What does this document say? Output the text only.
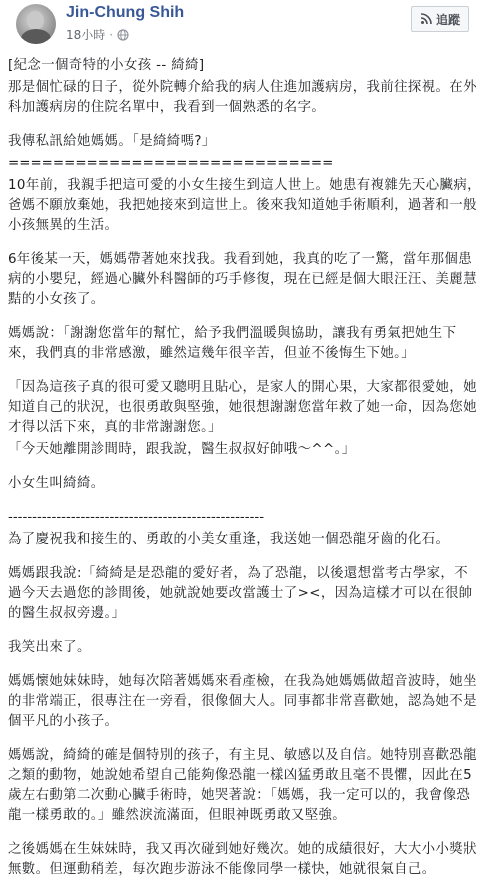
Jin-Chung Shih
18小時 ·
追蹤

[紀念一個奇特的小女孩 -- 綺綺]

那是個忙碌的日子，從外院轉介給我的病人住進加護病房，我前往探視。在外科加護病房的住院名單中，我看到一個熟悉的名字。

我傳私訊給她媽媽。「是綺綺嗎?」

=============================

10年前，我親手把這可愛的小女生接生到這人世上。她患有複雜先天心臟病，爸媽不願放棄她，我把她接來到這世上。後來我知道她手術順利，過著和一般小孩無異的生活。

6年後某一天，媽媽帶著她來找我。我看到她，我真的吃了一驚，當年那個患病的小嬰兒，經過心臟外科醫師的巧手修復，現在已經是個大眼汪汪、美麗慧黠的小女孩了。

媽媽說：「謝謝您當年的幫忙，給予我們溫暖與協助，讓我有勇氣把她生下來，我們真的非常感激，雖然這幾年很辛苦，但並不後悔生下她。」

「因為這孩子真的很可愛又聰明且貼心，是家人的開心果，大家都很愛她，她知道自己的狀況，也很勇敢與堅強，她很想謝謝您當年救了她一命，因為您她才得以活下來，真的非常謝謝您。」

「今天她離開診間時，跟我說，醫生叔叔好帥哦～^^。」

小女生叫綺綺。

-----------------------------------------------------

為了慶祝我和接生的、勇敢的小美女重逢，我送她一個恐龍牙齒的化石。

媽媽跟我說:「綺綺是是恐龍的愛好者，為了恐龍，以後還想當考古學家，不過今天去過您的診間後，她就說她要改當護士了><，因為這樣才可以在很帥的醫生叔叔旁邊。」

我笑出來了。

媽媽懷她妹妹時，她每次陪著媽媽來看產檢，在我為她媽媽做超音波時，她坐的非常端正，很專注在一旁看，很像個大人。同事都非常喜歡她，認為她不是個平凡的小孩子。

媽媽說，綺綺的確是個特別的孩子，有主見、敏感以及自信。她特別喜歡恐龍之類的動物，她說她希望自己能夠像恐龍一樣凶猛勇敢且毫不畏懼，因此在5歲左右動第二次動心臟手術時，她哭著說：「媽媽，我一定可以的，我會像恐龍一樣勇敢的。」雖然淚流滿面，但眼神既勇敢又堅強。

之後媽媽在生妹妹時，我又再次碰到她好幾次。她的成績很好，大大小小獎狀無數。但運動稍差，每次跑步游泳不能像同學一樣快，她就很氣自己。
